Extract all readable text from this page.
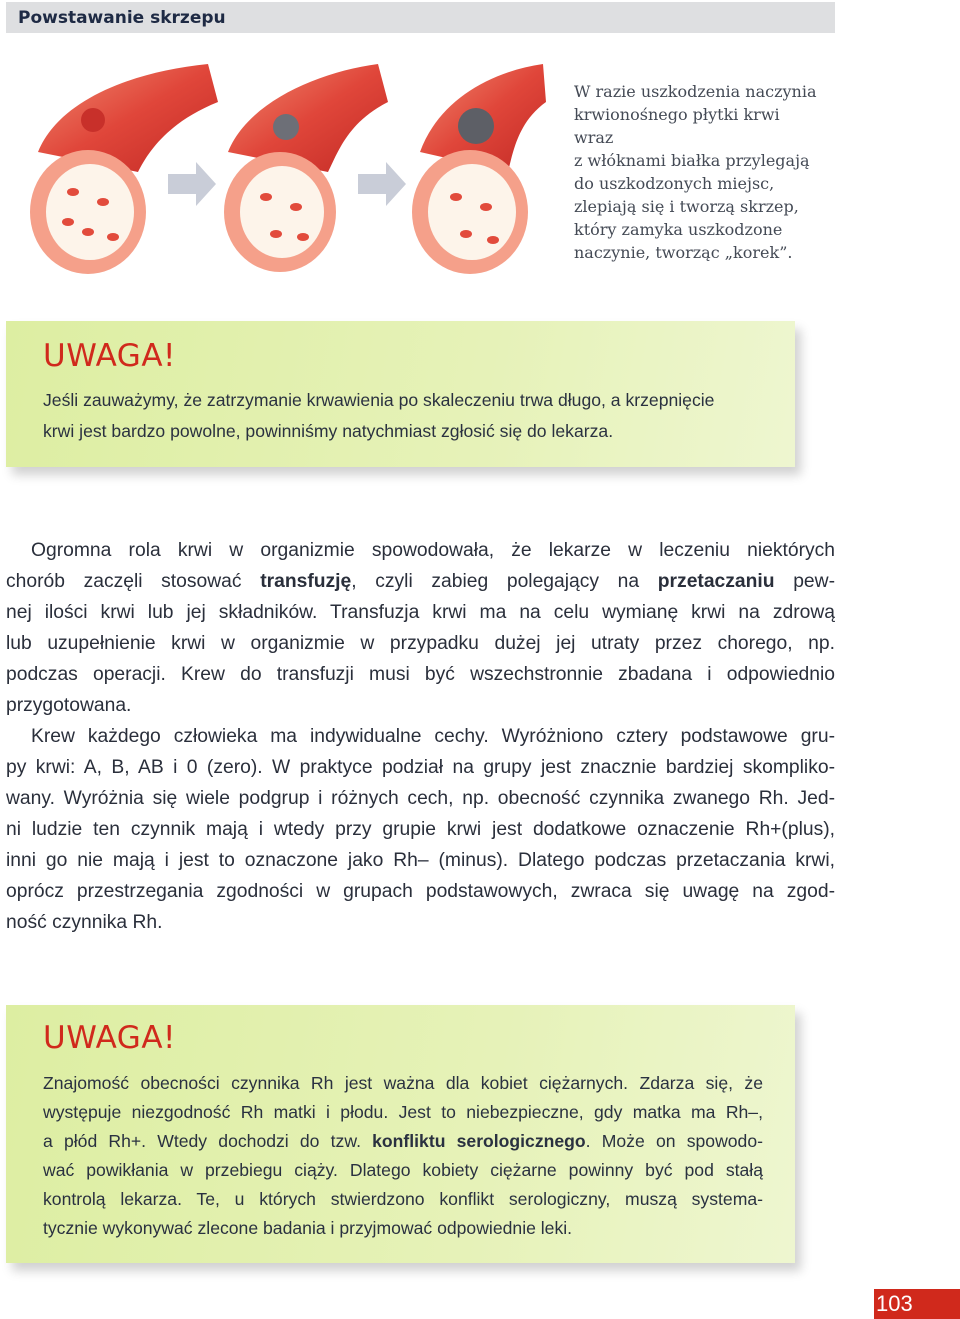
Powstawanie skrzepu
W razie uszkodzenia naczynia
krwionośnego płytki krwi wraz
z włóknami białka przylegają
do uszkodzonych miejsc,
zlepiają się i tworzą skrzep,
który zamyka uszkodzone
naczynie, tworząc „korek”.
UWAGA!
Jeśli zauważymy, że zatrzymanie krwawienia po skaleczeniu trwa długo, a krzepnięcie
krwi jest bardzo powolne, powinniśmy natychmiast zgłosić się do lekarza.
Ogromna rola krwi w organizmie spowodowała, że lekarze w leczeniu niektórych
chorób zaczęli stosować transfuzję, czyli zabieg polegający na przetaczaniu pew-
nej ilości krwi lub jej składników. Transfuzja krwi ma na celu wymianę krwi na zdrową
lub uzupełnienie krwi w organizmie w przypadku dużej jej utraty przez chorego, np.
podczas operacji. Krew do transfuzji musi być wszechstronnie zbadana i odpowiednio
przygotowana.
Krew każdego człowieka ma indywidualne cechy. Wyróżniono cztery podstawowe gru-
py krwi: A, B, AB i 0 (zero). W praktyce podział na grupy jest znacznie bardziej skompliko-
wany. Wyróżnia się wiele podgrup i różnych cech, np. obecność czynnika zwanego Rh. Jed-
ni ludzie ten czynnik mają i wtedy przy grupie krwi jest dodatkowe oznaczenie Rh+(plus),
inni go nie mają i jest to oznaczone jako Rh– (minus). Dlatego podczas przetaczania krwi,
oprócz przestrzegania zgodności w grupach podstawowych, zwraca się uwagę na zgod-
ność czynnika Rh.
UWAGA!
Znajomość obecności czynnika Rh jest ważna dla kobiet ciężarnych. Zdarza się, że
występuje niezgodność Rh matki i płodu. Jest to niebezpieczne, gdy matka ma Rh–,
a płód Rh+. Wtedy dochodzi do tzw. konfliktu serologicznego. Może on spowodo-
wać powikłania w przebiegu ciąży. Dlatego kobiety ciężarne powinny być pod stałą
kontrolą lekarza. Te, u których stwierdzono konflikt serologiczny, muszą systema-
tycznie wykonywać zlecone badania i przyjmować odpowiednie leki.
103
